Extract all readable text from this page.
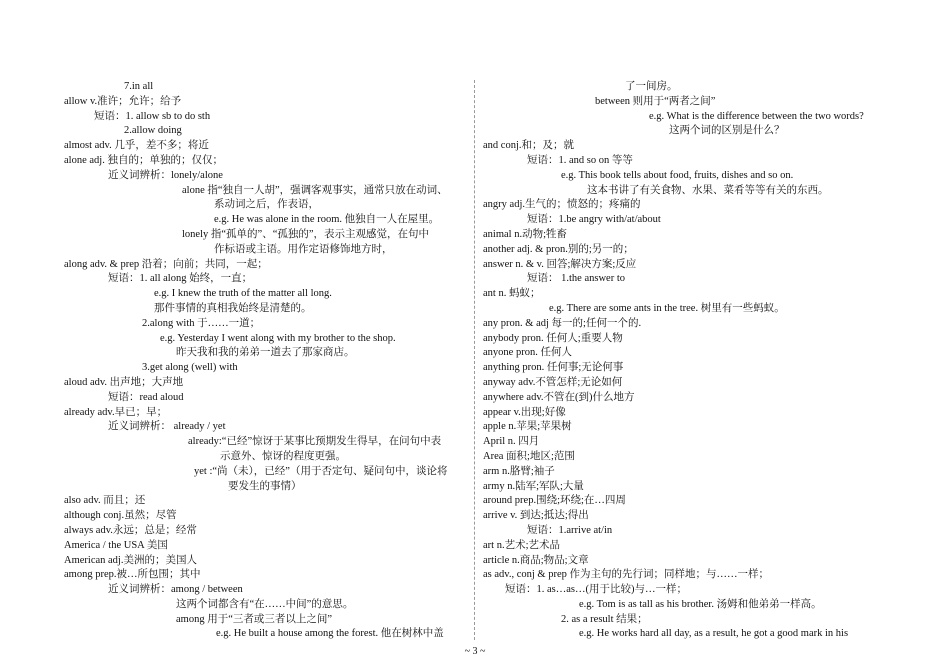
7.in all
allow v.准许；允许；给予
短语：1. allow sb to do sth
2.allow doing
almost adv. 几乎，差不多；将近
alone adj. 独自的；单独的；仅仅；
近义词辨析：lonely/alone
alone 指“独自一人胡”，强调客观事实，通常只放在动词、
系动词之后，作表语，
e.g. He was alone in the room. 他独自一人在屋里。
lonely 指“孤单的”、“孤独的”，表示主观感觉，在句中
作标语或主语。用作定语修饰地方时，
along adv. & prep 沿着；向前；共同，一起；
短语：1. all along 始终，一直；
e.g. I knew the truth of the matter all long.
那件事情的真相我始终是清楚的。
2.along with 于……一道；
e.g. Yesterday I went along with my brother to the shop.
昨天我和我的弟弟一道去了那家商店。
3.get along (well) with
aloud adv. 出声地；大声地
短语：read aloud
already adv.早已；早；
近义词辨析： already / yet
already:“已经”惊讶于某事比预期发生得早，在问句中表
示意外、惊讶的程度更强。
yet :“尚（未），已经”（用于否定句、疑问句中，谈论将
要发生的事情）
also adv. 而且；还
although conj.虽然；尽管
always adv.永远；总是；经常
America / the USA 美国
American adj.美洲的；美国人
among prep.被…所包围；其中
近义词辨析：among / between
这两个词都含有“在……中间”的意思。
among 用于“三者或三者以上之间”
e.g. He built a house among the forest. 他在树林中盖
了一间房。
between 则用于“两者之间”
e.g. What is the difference between the two words?
这两个词的区别是什么？
and conj.和；及；就
短语：1. and so on 等等
e.g. This book tells about food, fruits, dishes and so on.
这本书讲了有关食物、水果、菜肴等等有关的东西。
angry adj.生气的；愤怒的；疼痛的
短语：1.be angry with/at/about
animal n.动物;牲畜
another adj. & pron.别的;另一的；
answer n. & v. 回答;解决方案;反应
短语： 1.the answer to
ant n. 蚂蚁；
e.g. There are some ants in the tree. 树里有一些蚂蚁。
any pron. & adj 每一的;任何一个的.
anybody pron. 任何人;重要人物
anyone pron. 任何人
anything pron. 任何事;无论何事
anyway adv.不管怎样;无论如何
anywhere adv.不管在(到)什么地方
appear v.出现;好像
apple n.苹果;苹果树
April n. 四月
Area 面积;地区;范围
arm n.胳臂;袖子
army n.陆军;军队;大量
around prep.围绕;环绕;在…四周
arrive v. 到达;抵达;得出
短语：1.arrive at/in
art n.艺术;艺术品
article n.商品;物品;文章
as adv., conj & prep 作为主句的先行词；同样地；与……一样；
短语：1. as…as…(用于比较)与…一样；
e.g. Tom is as tall as his brother. 汤姆和他弟弟一样高。
2. as a result 结果；
e.g. He works hard all day, as a result, he got a good mark in his
~ 3 ~
